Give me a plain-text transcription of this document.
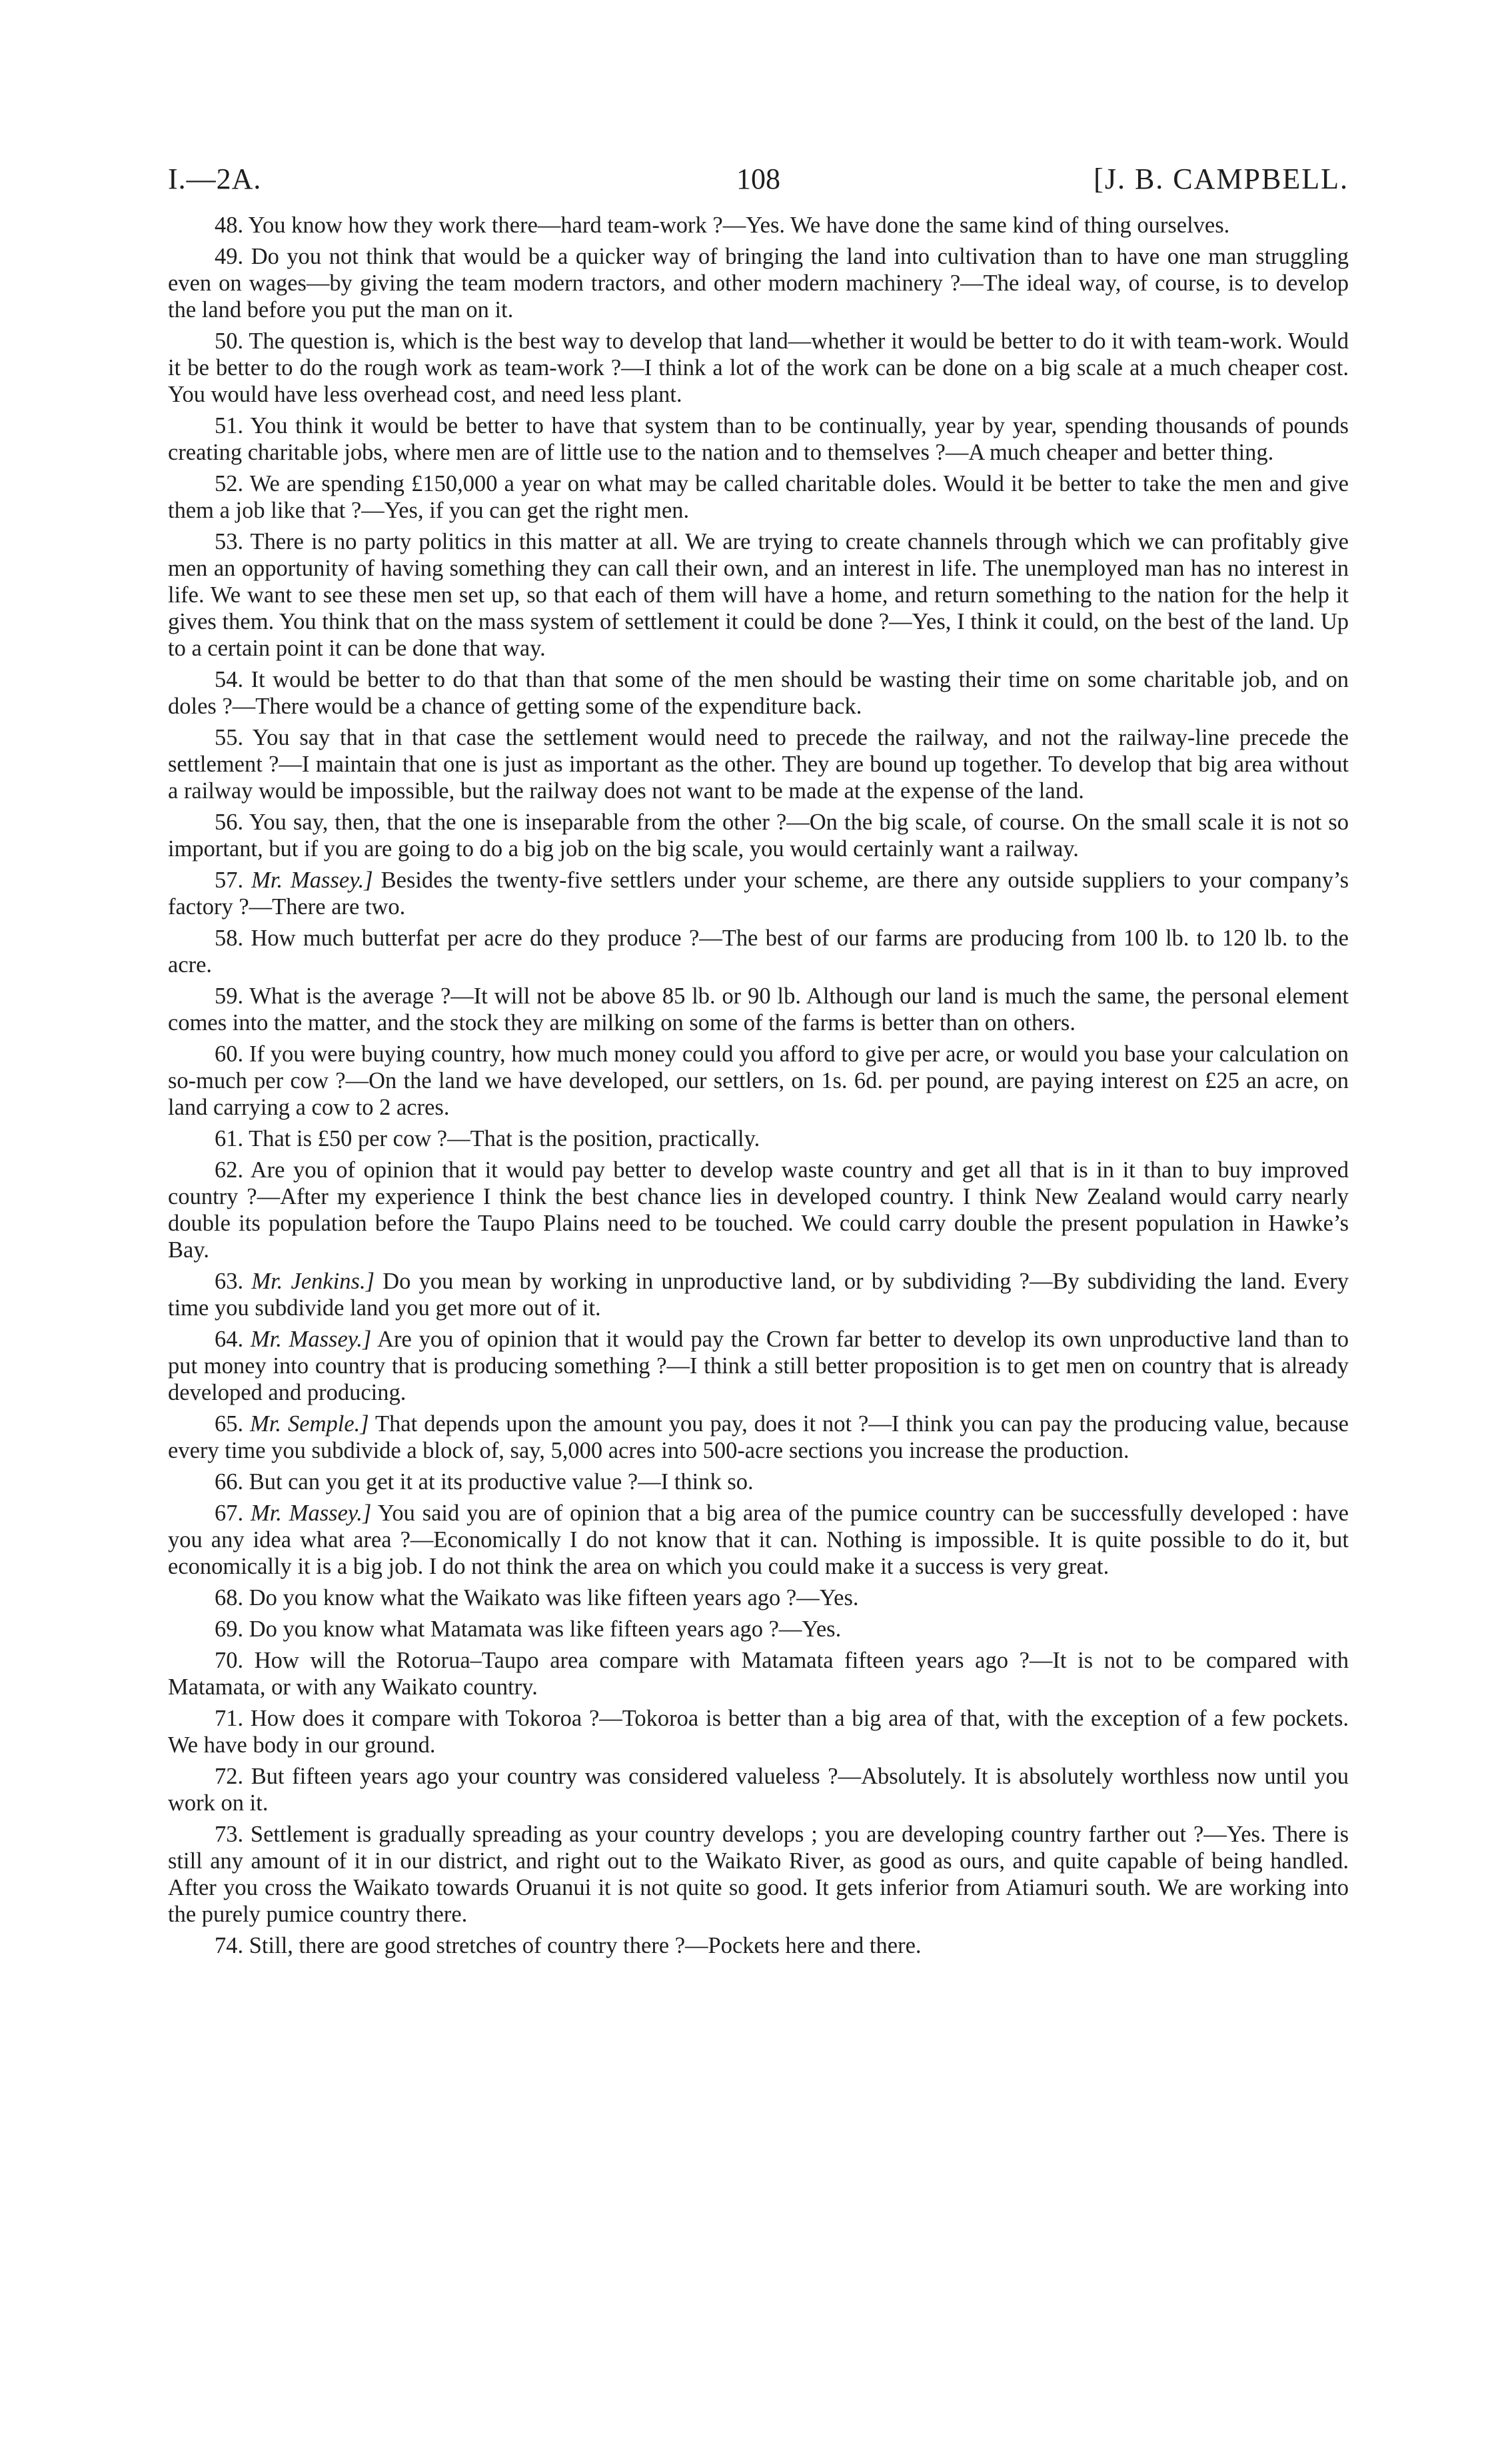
I.—2A.	108	[J. B. CAMPBELL.

48. You know how they work there—hard team-work ?—Yes. We have done the same kind of thing ourselves.

49. Do you not think that would be a quicker way of bringing the land into cultivation than to have one man struggling even on wages—by giving the team modern tractors, and other modern machinery ?—The ideal way, of course, is to develop the land before you put the man on it.

50. The question is, which is the best way to develop that land—whether it would be better to do it with team-work. Would it be better to do the rough work as team-work ?—I think a lot of the work can be done on a big scale at a much cheaper cost. You would have less overhead cost, and need less plant.

51. You think it would be better to have that system than to be continually, year by year, spending thousands of pounds creating charitable jobs, where men are of little use to the nation and to themselves ?—A much cheaper and better thing.

52. We are spending £150,000 a year on what may be called charitable doles. Would it be better to take the men and give them a job like that ?—Yes, if you can get the right men.

53. There is no party politics in this matter at all. We are trying to create channels through which we can profitably give men an opportunity of having something they can call their own, and an interest in life. The unemployed man has no interest in life. We want to see these men set up, so that each of them will have a home, and return something to the nation for the help it gives them. You think that on the mass system of settlement it could be done ?—Yes, I think it could, on the best of the land. Up to a certain point it can be done that way.

54. It would be better to do that than that some of the men should be wasting their time on some charitable job, and on doles ?—There would be a chance of getting some of the expenditure back.

55. You say that in that case the settlement would need to precede the railway, and not the railway-line precede the settlement ?—I maintain that one is just as important as the other. They are bound up together. To develop that big area without a railway would be impossible, but the railway does not want to be made at the expense of the land.

56. You say, then, that the one is inseparable from the other ?—On the big scale, of course. On the small scale it is not so important, but if you are going to do a big job on the big scale, you would certainly want a railway.

57. Mr. Massey.] Besides the twenty-five settlers under your scheme, are there any outside suppliers to your company’s factory ?—There are two.

58. How much butterfat per acre do they produce ?—The best of our farms are producing from 100 lb. to 120 lb. to the acre.

59. What is the average ?—It will not be above 85 lb. or 90 lb. Although our land is much the same, the personal element comes into the matter, and the stock they are milking on some of the farms is better than on others.

60. If you were buying country, how much money could you afford to give per acre, or would you base your calculation on so-much per cow ?—On the land we have developed, our settlers, on 1s. 6d. per pound, are paying interest on £25 an acre, on land carrying a cow to 2 acres.

61. That is £50 per cow ?—That is the position, practically.

62. Are you of opinion that it would pay better to develop waste country and get all that is in it than to buy improved country ?—After my experience I think the best chance lies in developed country. I think New Zealand would carry nearly double its population before the Taupo Plains need to be touched. We could carry double the present population in Hawke’s Bay.

63. Mr. Jenkins.] Do you mean by working in unproductive land, or by subdividing ?—By subdividing the land. Every time you subdivide land you get more out of it.

64. Mr. Massey.] Are you of opinion that it would pay the Crown far better to develop its own unproductive land than to put money into country that is producing something ?—I think a still better proposition is to get men on country that is already developed and producing.

65. Mr. Semple.] That depends upon the amount you pay, does it not ?—I think you can pay the producing value, because every time you subdivide a block of, say, 5,000 acres into 500-acre sections you increase the production.

66. But can you get it at its productive value ?—I think so.

67. Mr. Massey.] You said you are of opinion that a big area of the pumice country can be successfully developed : have you any idea what area ?—Economically I do not know that it can. Nothing is impossible. It is quite possible to do it, but economically it is a big job. I do not think the area on which you could make it a success is very great.

68. Do you know what the Waikato was like fifteen years ago ?—Yes.

69. Do you know what Matamata was like fifteen years ago ?—Yes.

70. How will the Rotorua–Taupo area compare with Matamata fifteen years ago ?—It is not to be compared with Matamata, or with any Waikato country.

71. How does it compare with Tokoroa ?—Tokoroa is better than a big area of that, with the exception of a few pockets. We have body in our ground.

72. But fifteen years ago your country was considered valueless ?—Absolutely. It is absolutely worthless now until you work on it.

73. Settlement is gradually spreading as your country develops ; you are developing country farther out ?—Yes. There is still any amount of it in our district, and right out to the Waikato River, as good as ours, and quite capable of being handled. After you cross the Waikato towards Oruanui it is not quite so good. It gets inferior from Atiamuri south. We are working into the purely pumice country there.

74. Still, there are good stretches of country there ?—Pockets here and there.
